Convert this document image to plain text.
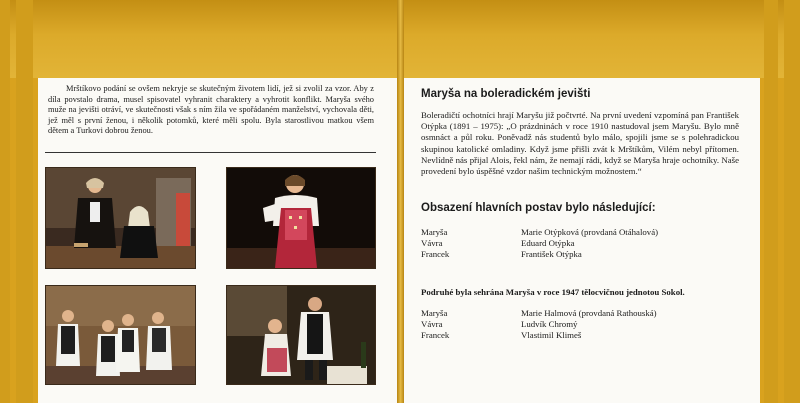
Mrštíkovo podání se ovšem nekryje se skutečným životem lidí, jež si zvolil za vzor. Aby z díla povstalo drama, musel spisovatel vyhranit charaktery a vyhrotit konflikt. Maryša svého muže na jevišti otráví, ve skutečnosti však s ním žila ve spořádaném manželství, vychovala děti, jež měl s první ženou, i několik potomků, které měli spolu. Byla starostlivou matkou všem dětem a Turkovi dobrou ženou.

Maryša na boleradickém jevišti

Boleradičtí ochotníci hrají Maryšu již počtvrté. Na první uvedení vzpomíná pan František Otýpka (1891 – 1975): „O prázdninách v roce 1910 nastudoval jsem Maryšu. Bylo mně osmnáct a půl roku. Poněvadž nás studentů bylo málo, spojili jsme se s polehradickou skupinou katolické omladiny. Když jsme přišli zvát k Mrštíkům, Vilém nebyl přítomen. Nevlídně nás přijal Alois, řekl nám, že nemají rádi, když se Maryša hraje ochotníky. Naše provedení bylo úspěšné vzdor našim technickým možnostem.“

Obsazení hlavních postav bylo následující:
Maryša	Marie Otýpková (provdaná Otáhalová)
Vávra	Eduard Otýpka
Francek	František Otýpka

Podruhé byla sehrána Maryša v roce 1947 tělocvičnou jednotou Sokol.

Maryša	Marie Halmová (provdaná Rathouská)
Vávra	Ludvík Chromý
Francek	Vlastimil Klimeš
